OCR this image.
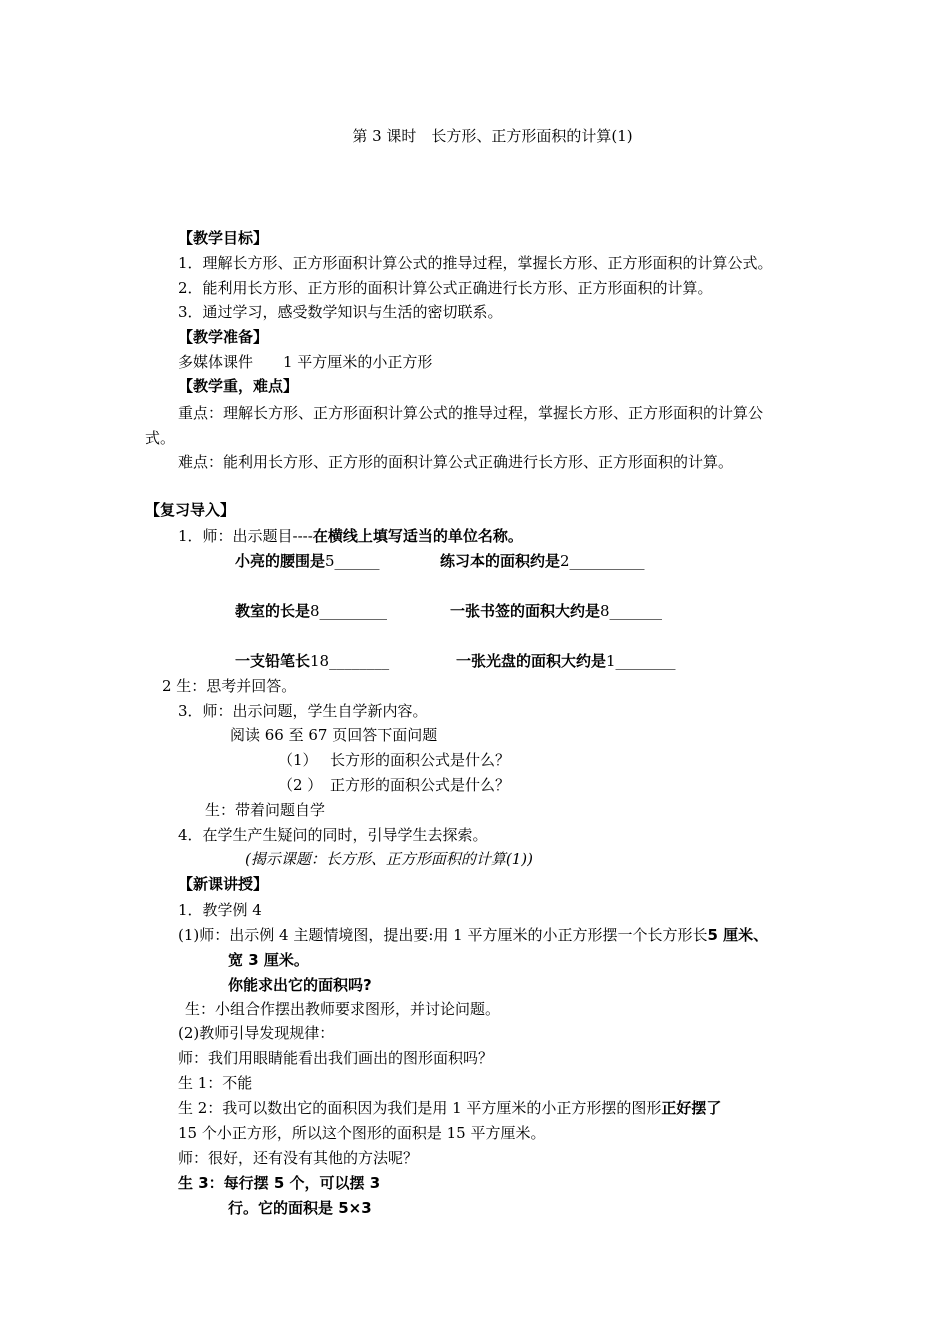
第 3 课时　长方形、正方形面积的计算(1)
【教学目标】
1．理解长方形、正方形面积计算公式的推导过程，掌握长方形、正方形面积的计算公式。
2．能利用长方形、正方形的面积计算公式正确进行长方形、正方形面积的计算。
3．通过学习，感受数学知识与生活的密切联系。
【教学准备】
多媒体课件　　1 平方厘米的小正方形
【教学重，难点】
重点：理解长方形、正方形面积计算公式的推导过程，掌握长方形、正方形面积的计算公
式。
难点：能利用长方形、正方形的面积计算公式正确进行长方形、正方形面积的计算。
【复习导入】
1．师：出示题目----在横线上填写适当的单位名称。
小亮的腰围是5______	练习本的面积约是2__________
教室的长是8_________	一张书签的面积大约是8_______
一支铅笔长18________	一张光盘的面积大约是1________
2 生：思考并回答。
3．师：出示问题，学生自学新内容。
阅读 66 至 67 页回答下面问题
（1） 长方形的面积公式是什么？
（2 ） 正方形的面积公式是什么？
生：带着问题自学
4．在学生产生疑问的同时，引导学生去探索。
(揭示课题：长方形、正方形面积的计算(1))
【新课讲授】
1．教学例 4
(1)师：出示例 4 主题情境图，提出要:用 1 平方厘米的小正方形摆一个长方形长5 厘米、
宽 3 厘米。
你能求出它的面积吗?
生：小组合作摆出教师要求图形，并讨论问题。
(2)教师引导发现规律：
师：我们用眼睛能看出我们画出的图形面积吗？
生 1：不能
生 2：我可以数出它的面积因为我们是用 1 平方厘米的小正方形摆的图形正好摆了
15 个小正方形，所以这个图形的面积是 15 平方厘米。
师：很好，还有没有其他的方法呢？
生 3：每行摆 5 个，可以摆 3
行。它的面积是 5×3
